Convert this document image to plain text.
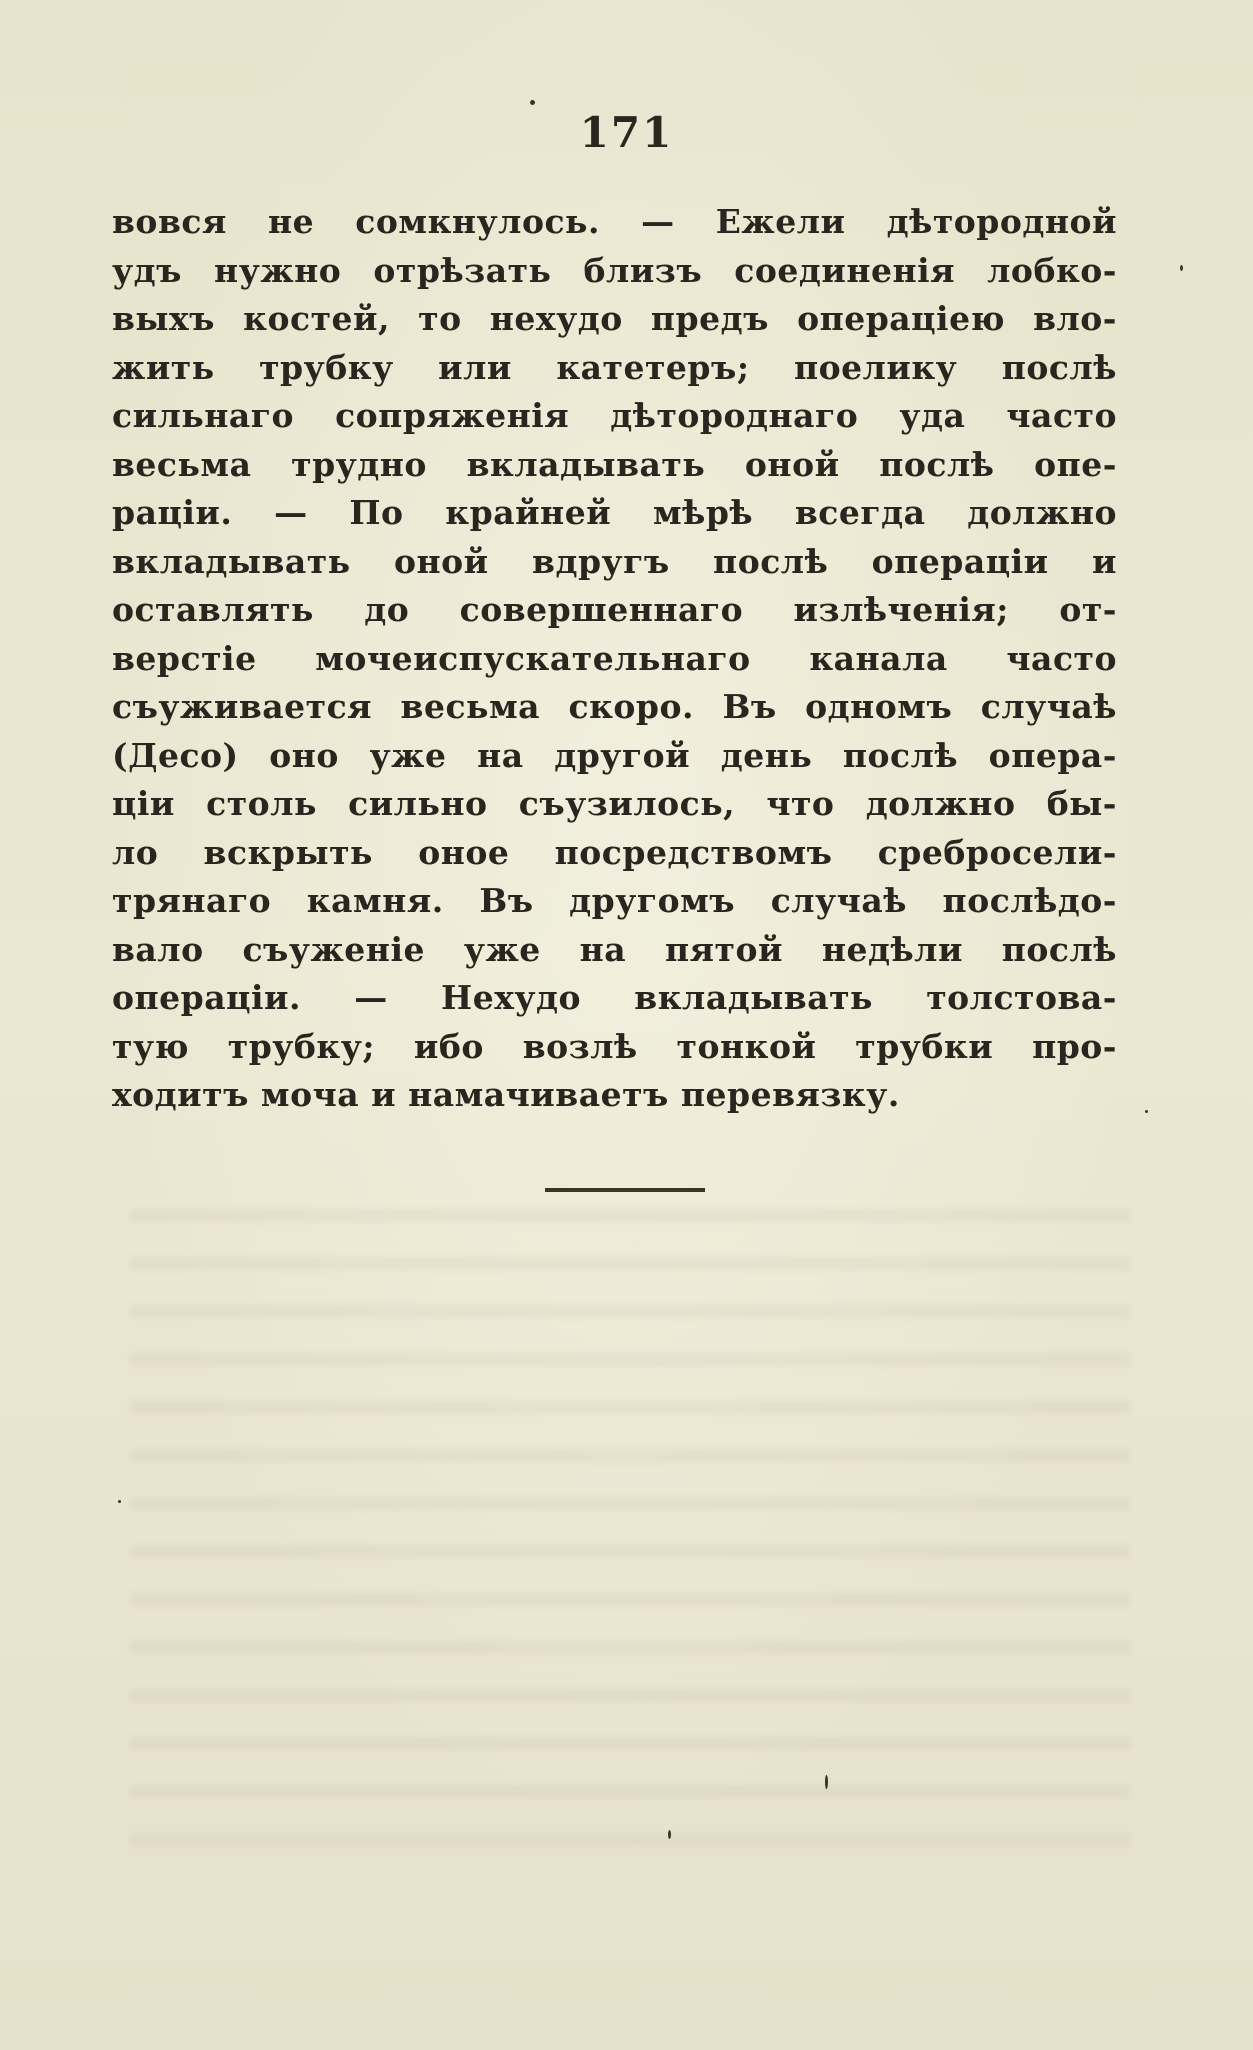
171
вовся не сомкнулось. — Ежели дѣтородной
удъ нужно отрѣзать близъ соединенія лобко-
выхъ костей, то нехудо предъ операціею вло-
жить трубку или катетеръ; поелику послѣ
сильнаго сопряженія дѣтороднаго уда часто
весьма трудно вкладывать оной послѣ опе-
раціи. — По крайней мѣрѣ всегда должно
вкладывать оной вдругъ послѣ операціи и
оставлять до совершеннаго излѣченія; от-
верстіе мочеиспускательнаго канала часто
съуживается весьма скоро. Въ одномъ случаѣ
(Десо) оно уже на другой день послѣ опера-
ціи столь сильно съузилось, что должно бы-
ло вскрыть оное посредствомъ сребросели-
трянаго камня. Въ другомъ случаѣ послѣдо-
вало съуженіе уже на пятой недѣли послѣ
операціи. — Нехудо вкладывать толстова-
тую трубку; ибо возлѣ тонкой трубки про-
ходитъ моча и намачиваетъ перевязку.
